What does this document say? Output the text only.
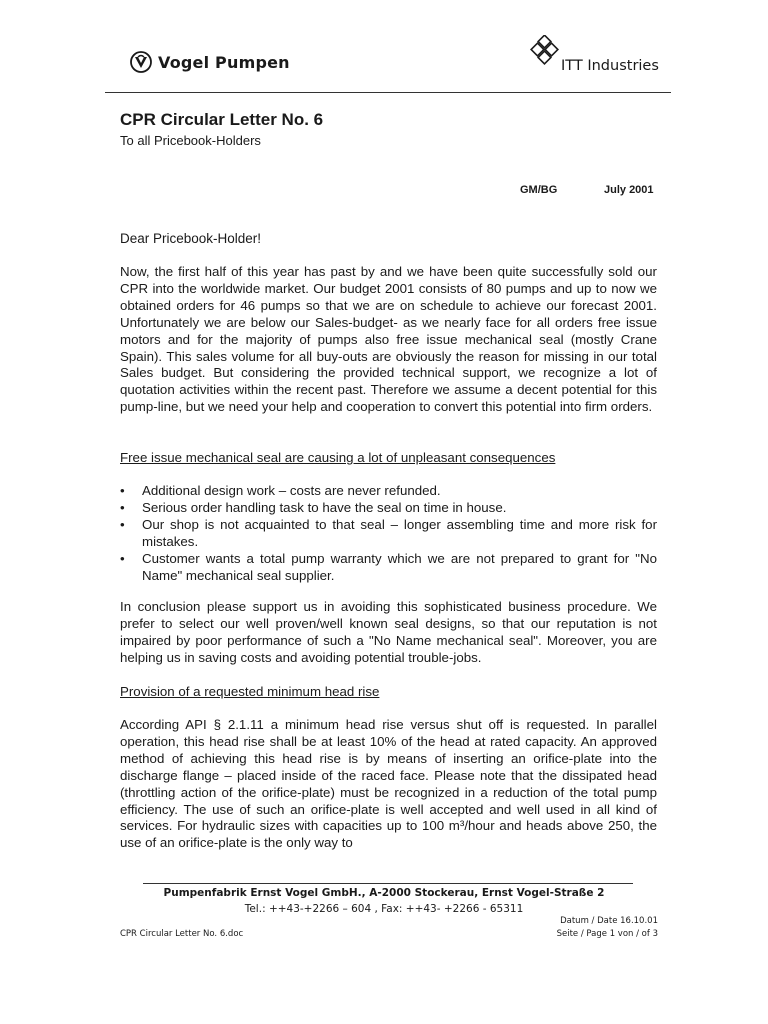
Vogel Pumpen	ITT Industries
CPR Circular Letter No. 6
To all Pricebook-Holders
GM/BG	July 2001
Dear Pricebook-Holder!
Now, the first half of this year has past by and we have been quite successfully sold our CPR into the worldwide market. Our budget 2001 consists of 80 pumps and up to now we obtained orders for 46 pumps so that we are on schedule to achieve our forecast 2001. Unfortunately we are below our Sales-budget- as we nearly face for all orders free issue motors and for the majority of pumps also free issue mechanical seal (mostly Crane Spain). This sales volume for all buy-outs are obviously the reason for missing in our total Sales budget. But considering the provided technical support, we recognize a lot of quotation activities within the recent past. Therefore we assume a decent potential for this pump-line, but we need your help and cooperation to convert this potential into firm orders.
Free issue mechanical seal are causing a lot of unpleasant consequences
• Additional design work – costs are never refunded.
• Serious order handling task to have the seal on time in house.
• Our shop is not acquainted to that seal – longer assembling time and more risk for mistakes.
• Customer wants a total pump warranty which we are not prepared to grant for "No Name" mechanical seal supplier.
In conclusion please support us in avoiding this sophisticated business procedure. We prefer to select our well proven/well known seal designs, so that our reputation is not impaired by poor performance of such a "No Name mechanical seal". Moreover, you are helping us in saving costs and avoiding potential trouble-jobs.
Provision of a requested minimum head rise
According API § 2.1.11 a minimum head rise versus shut off is requested. In parallel operation, this head rise shall be at least 10% of the head at rated capacity. An approved method of achieving this head rise is by means of inserting an orifice-plate into the discharge flange – placed inside of the raced face. Please note that the dissipated head (throttling action of the orifice-plate) must be recognized in a reduction of the total pump efficiency. The use of such an orifice-plate is well accepted and well used in all kind of services. For hydraulic sizes with capacities up to 100 m³/hour and heads above 250, the use of an orifice-plate is the only way to
Pumpenfabrik Ernst Vogel GmbH., A-2000 Stockerau, Ernst Vogel-Straße 2
Tel.: ++43-+2266 – 604 , Fax: ++43- +2266 - 65311
Datum / Date 16.10.01
Seite / Page 1 von / of 3
CPR Circular Letter No. 6.doc
